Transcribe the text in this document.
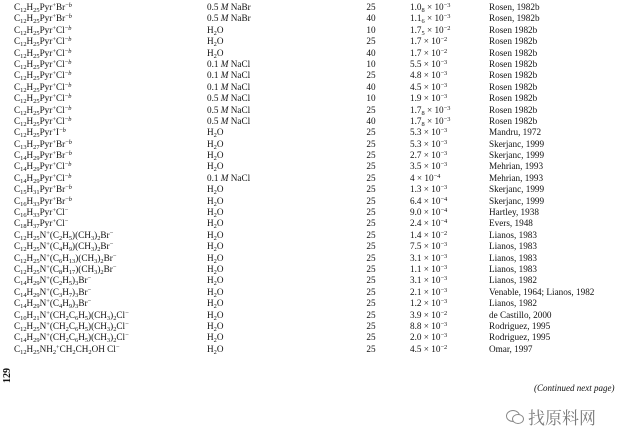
$C_{12}H_{25}Pyr^+Br^{-b}$	0.5 M NaBr	25	$1.0_8 \times 10^{-3}$	Rosen, 1982b
$C_{12}H_{25}Pyr^+Br^{-b}$	0.5 M NaBr	40	$1.1_6 \times 10^{-3}$	Rosen, 1982b
$C_{12}H_{25}Pyr^+Cl^{-b}$	$H_2O$	10	$1.7_5 \times 10^{-2}$	Rosen 1982b
$C_{12}H_{25}Pyr^+Cl^{-b}$	$H_2O$	25	$1.7 \times 10^{-2}$	Rosen 1982b
$C_{12}H_{25}Pyr^+Cl^{-b}$	$H_2O$	40	$1.7 \times 10^{-2}$	Rosen 1982b
$C_{12}H_{25}Pyr^+Cl^{-b}$	0.1 M NaCl	10	$5.5 \times 10^{-3}$	Rosen 1982b
$C_{12}H_{25}Pyr^+Cl^{-b}$	0.1 M NaCl	25	$4.8 \times 10^{-3}$	Rosen 1982b
$C_{12}H_{25}Pyr^+Cl^{-b}$	0.1 M NaCl	40	$4.5 \times 10^{-3}$	Rosen 1982b
$C_{12}H_{25}Pyr^+Cl^{-b}$	0.5 M NaCl	10	$1.9 \times 10^{-3}$	Rosen 1982b
$C_{12}H_{25}Pyr^+Cl^{-b}$	0.5 M NaCl	25	$1.7_8 \times 10^{-3}$	Rosen 1982b
$C_{12}H_{25}Pyr^+Cl^{-b}$	0.5 M NaCl	40	$1.7_8 \times 10^{-3}$	Rosen 1982b
$C_{12}H_{25}Pyr^+I^{-b}$	$H_2O$	25	$5.3 \times 10^{-3}$	Mandru, 1972
$C_{13}H_{27}Pyr^+Br^{-b}$	$H_2O$	25	$5.3 \times 10^{-3}$	Skerjanc, 1999
$C_{14}H_{29}Pyr^+Br^{-b}$	$H_2O$	25	$2.7 \times 10^{-3}$	Skerjanc, 1999
$C_{14}H_{29}Pyr^+Cl^{-b}$	$H_2O$	25	$3.5 \times 10^{-3}$	Mehrian, 1993
$C_{14}H_{29}Pyr^+Cl^{-b}$	0.1 M NaCl	25	$4 \times 10^{-4}$	Mehrian, 1993
$C_{15}H_{31}Pyr^+Br^{-b}$	$H_2O$	25	$1.3 \times 10^{-3}$	Skerjanc, 1999
$C_{16}H_{33}Pyr^+Br^{-b}$	$H_2O$	25	$6.4 \times 10^{-4}$	Skerjanc, 1999
$C_{16}H_{33}Pyr^+Cl^-$	$H_2O$	25	$9.0 \times 10^{-4}$	Hartley, 1938
$C_{18}H_{37}Pyr^+Cl^-$	$H_2O$	25	$2.4 \times 10^{-4}$	Evers, 1948
$C_{12}H_{25}N^+(C_2H_5)(CH_3)_2Br^-$	$H_2O$	25	$1.4 \times 10^{-2}$	Lianos, 1983
$C_{12}H_{25}N^+(C_4H_9)(CH_3)_2Br^-$	$H_2O$	25	$7.5 \times 10^{-3}$	Lianos, 1983
$C_{12}H_{25}N^+(C_6H_{13})(CH_3)_2Br^-$	$H_2O$	25	$3.1 \times 10^{-3}$	Lianos, 1983
$C_{12}H_{25}N^+(C_8H_{17})(CH_3)_2Br^-$	$H_2O$	25	$1.1 \times 10^{-3}$	Lianos, 1983
$C_{14}H_{29}N^+(C_2H_5)_3Br^-$	$H_2O$	25	$3.1 \times 10^{-3}$	Lianos, 1982
$C_{14}H_{29}N^+(C_3H_7)_3Br^-$	$H_2O$	25	$2.1 \times 10^{-3}$	Venable, 1964; Lianos, 1982
$C_{14}H_{29}N^+(C_4H_9)_3Br^-$	$H_2O$	25	$1.2 \times 10^{-3}$	Lianos, 1982
$C_{10}H_{21}N^+(CH_2C_6H_5)(CH_3)_2Cl^-$	$H_2O$	25	$3.9 \times 10^{-2}$	de Castillo, 2000
$C_{12}H_{25}N^+(CH_2C_6H_5)(CH_3)_2Cl^-$	$H_2O$	25	$8.8 \times 10^{-3}$	Rodriguez, 1995
$C_{14}H_{29}N^+(CH_2C_6H_5)(CH_3)_2Cl^-$	$H_2O$	25	$2.0 \times 10^{-3}$	Rodriguez, 1995
$C_{12}H_{25}NH_2^+CH_2CH_2OH$ Cl−	$H_2O$	25	$4.5 \times 10^{-2}$	Omar, 1997
129
(Continued next page)
找原料网
